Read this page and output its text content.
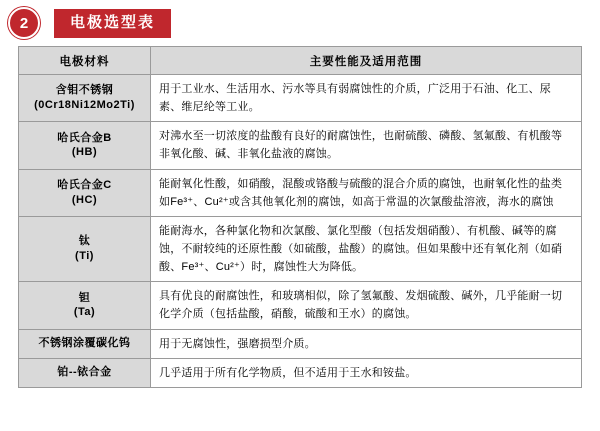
2	电极选型表
电极材料	主要性能及适用范围

含钼不锈钢
(0Cr18Ni12Mo2Ti)	用于工业水、生活用水、污水等具有弱腐蚀性的介质，广泛用于石油、化工、尿素、维尼纶等工业。

哈氏合金B
(HB)	对沸水至一切浓度的盐酸有良好的耐腐蚀性，也耐硫酸、磷酸、氢氟酸、有机酸等非氧化酸、碱、非氧化盐液的腐蚀。

哈氏合金C
(HC)	能耐氧化性酸，如硝酸，混酸或铬酸与硫酸的混合介质的腐蚀，也耐氧化性的盐类如Fe³⁺、Cu²⁺或含其他氧化剂的腐蚀，如高于常温的次氯酸盐溶液，海水的腐蚀

钛
(Ti)	能耐海水，各种氯化物和次氯酸、氯化型酸（包括发烟硝酸）、有机酸、碱等的腐蚀，不耐较纯的还原性酸（如硫酸，盐酸）的腐蚀。但如果酸中还有氧化剂（如硝酸、Fe³⁺、Cu²⁺）时，腐蚀性大为降低。

钽
(Ta)	具有优良的耐腐蚀性，和玻璃相似，除了氢氟酸、发烟硫酸、碱外，几乎能耐一切化学介质（包括盐酸，硝酸，硫酸和王水）的腐蚀。

不锈钢涂覆碳化钨	用于无腐蚀性，强磨损型介质。

铂--铱合金	几乎适用于所有化学物质，但不适用于王水和铵盐。
